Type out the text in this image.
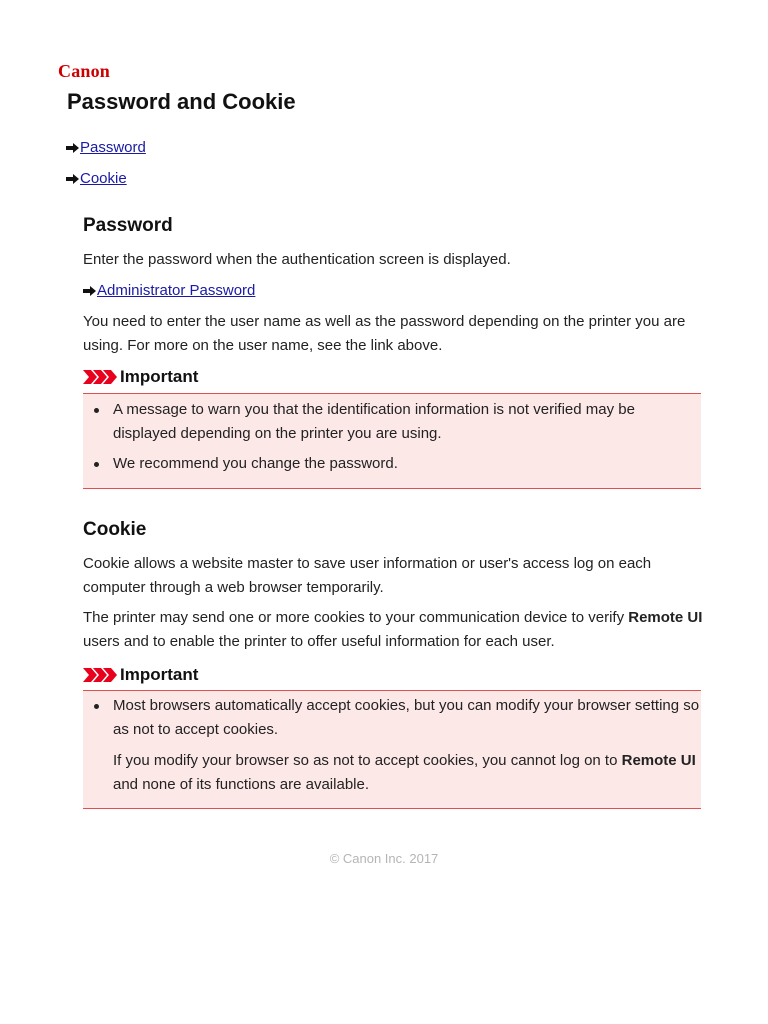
Canon
Password and Cookie
Password
Cookie
Password

Enter the password when the authentication screen is displayed.

Administrator Password

You need to enter the user name as well as the password depending on the printer you are using. For more on the user name, see the link above.

Important
A message to warn you that the identification information is not verified may be displayed depending on the printer you are using.
We recommend you change the password.
Cookie

Cookie allows a website master to save user information or user's access log on each computer through a web browser temporarily.

The printer may send one or more cookies to your communication device to verify Remote UI users and to enable the printer to offer useful information for each user.

Important
Most browsers automatically accept cookies, but you can modify your browser setting so as not to accept cookies.
If you modify your browser so as not to accept cookies, you cannot log on to Remote UI and none of its functions are available.
© Canon Inc. 2017
